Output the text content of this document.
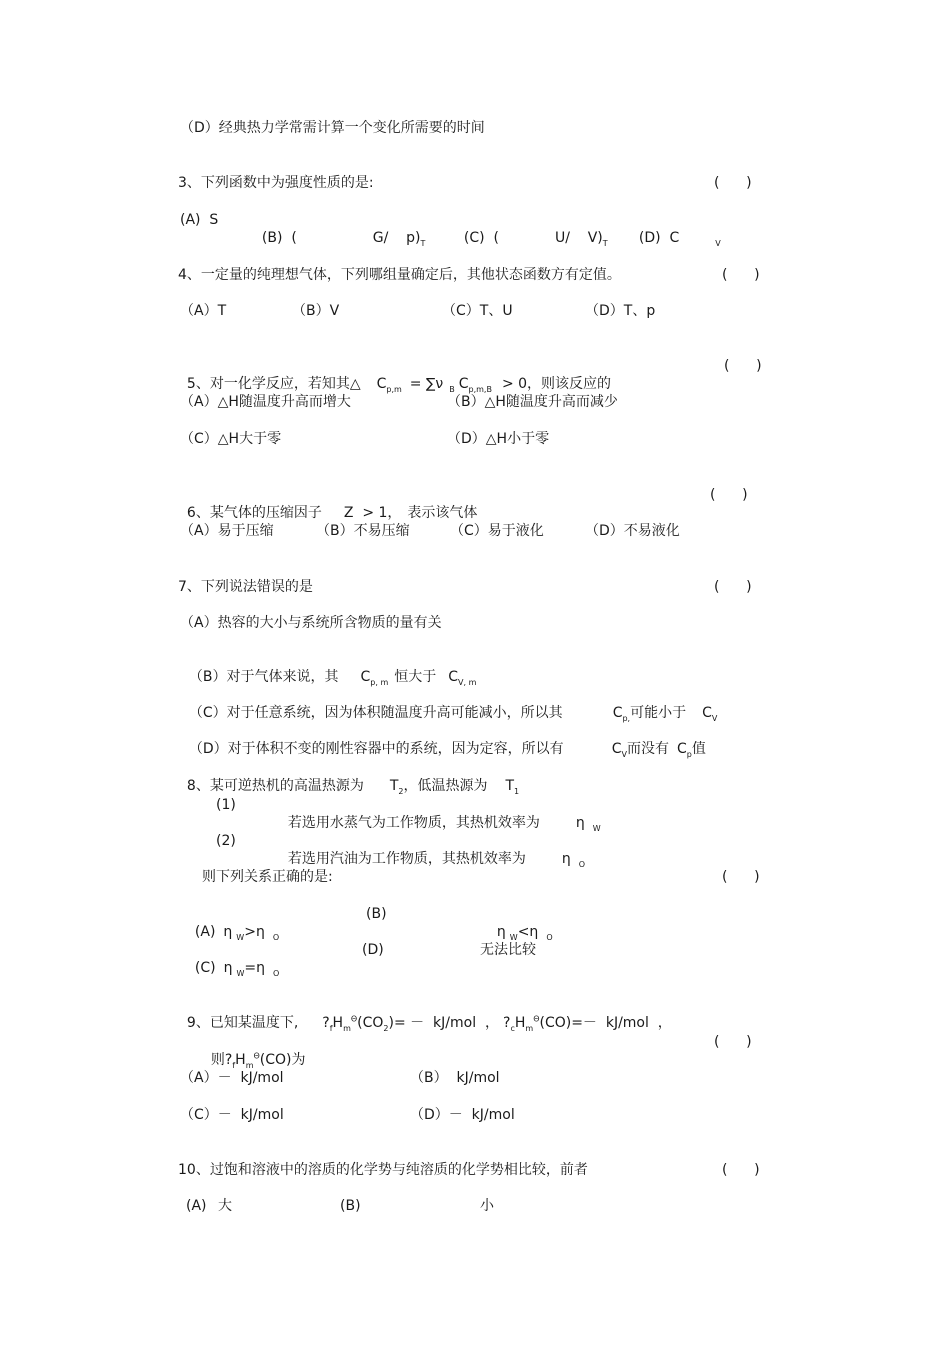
（D）经典热力学常需计算一个变化所需要的时间
3、下列函数中为强度性质的是:	(      )
(A)  S

(B)  (	G/    $p)_T$	(C)  (	U/    $V)_T$	(D)  C	$_V$

4、一定量的纯理想气体，下列哪组量确定后，其他状态函数方有定值。	(      )
（A）T	（B）V	（C）T、U	（D）T、p

5、对一化学反应，若知其△ $C_{p,m} = \sum\nu$ $_B$ $C_{p,m,B} > 0$，则该反应的

(      )
（A）△H随温度升高而增大	（B）△H随温度升高而减少
（C）△H大于零	（D）△H小于零

6、某气体的压缩因子 Z  > 1， 表示该气体

(      )
（A）易于压缩	（B）不易压缩	（C）易于液化	（D）不易液化
7、下列说法错误的是	(      )
（A）热容的大小与系统所含物质的量有关

（B）对于气体来说，其 $C_{p, m}$ 恒大于 $C_{V, m}$

（C）对于任意系统，因为体积随温度升高可能减小，所以其	$C_{p,}$可能小于 $C_V$

（D）对于体积不变的刚性容器中的系统，因为定容，所以有	$C_V$而没有 $C_p$值

8、某可逆热机的高温热源为 $T_2$，低温热源为 $T_1$

(1)

若选用水蒸气为工作物质，其热机效率为	η $_W$

(2)

若选用汽油为工作物质，其热机效率为	η $_O$

则下列关系正确的是:	(      )

(A) η $_W$>η $_O$

(B)

η $_W$<η $_O$

(C) η $_W$=η $_O$

(D)	无法比较

9、已知某温度下, $?_fH_m^\Theta(CO_2)= - kJ/mol$  ， $?_cH_m^\Theta(CO)=- kJ/mol$  ，

则$?_fH_m^\Theta(CO)$为

(      )
（A）－  kJ/mol	（B）  kJ/mol
（C）－  kJ/mol	（D）－  kJ/mol
10、过饱和溶液中的溶质的化学势与纯溶质的化学势相比较，前者	(      )
(A) 大	(B)	小
